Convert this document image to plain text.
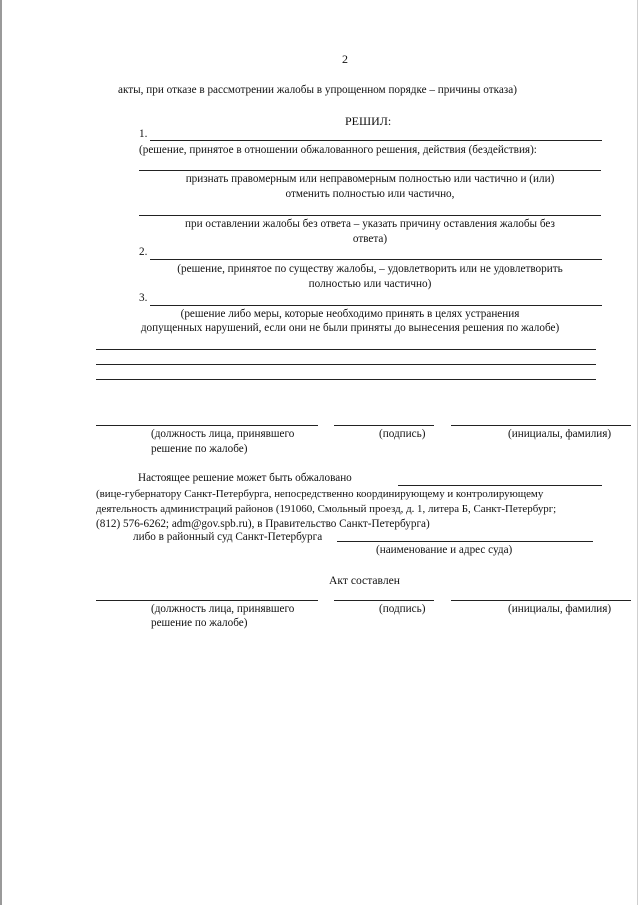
2
акты, при отказе в рассмотрении жалобы в упрощенном порядке – причины отказа)
РЕШИЛ:
1.
(решение, принятое в отношении обжалованного решения, действия (бездействия):
признать правомерным или неправомерным полностью или частично и (или)
отменить полностью или частично,
при оставлении жалобы без ответа – указать причину оставления жалобы без
ответа)
2.
(решение, принятое по существу жалобы, – удовлетворить или не удовлетворить
полностью или частично)
3.
(решение либо меры, которые необходимо принять в целях устранения
допущенных нарушений, если они не были приняты до вынесения решения по жалобе)
(должность лица, принявшего
решение по жалобе)
(подпись)	(инициалы, фамилия)
Настоящее решение может быть обжаловано
(вице-губернатору Санкт-Петербурга, непосредственно координирующему и контролирующему
деятельность администраций районов (191060, Смольный проезд, д. 1, литера Б, Санкт-Петербург;
(812) 576-6262; adm@gov.spb.ru), в Правительство Санкт-Петербурга)
либо в районный суд Санкт-Петербурга
(наименование и адрес суда)
Акт составлен
(должность лица, принявшего
решение по жалобе)
(подпись)	(инициалы, фамилия)
